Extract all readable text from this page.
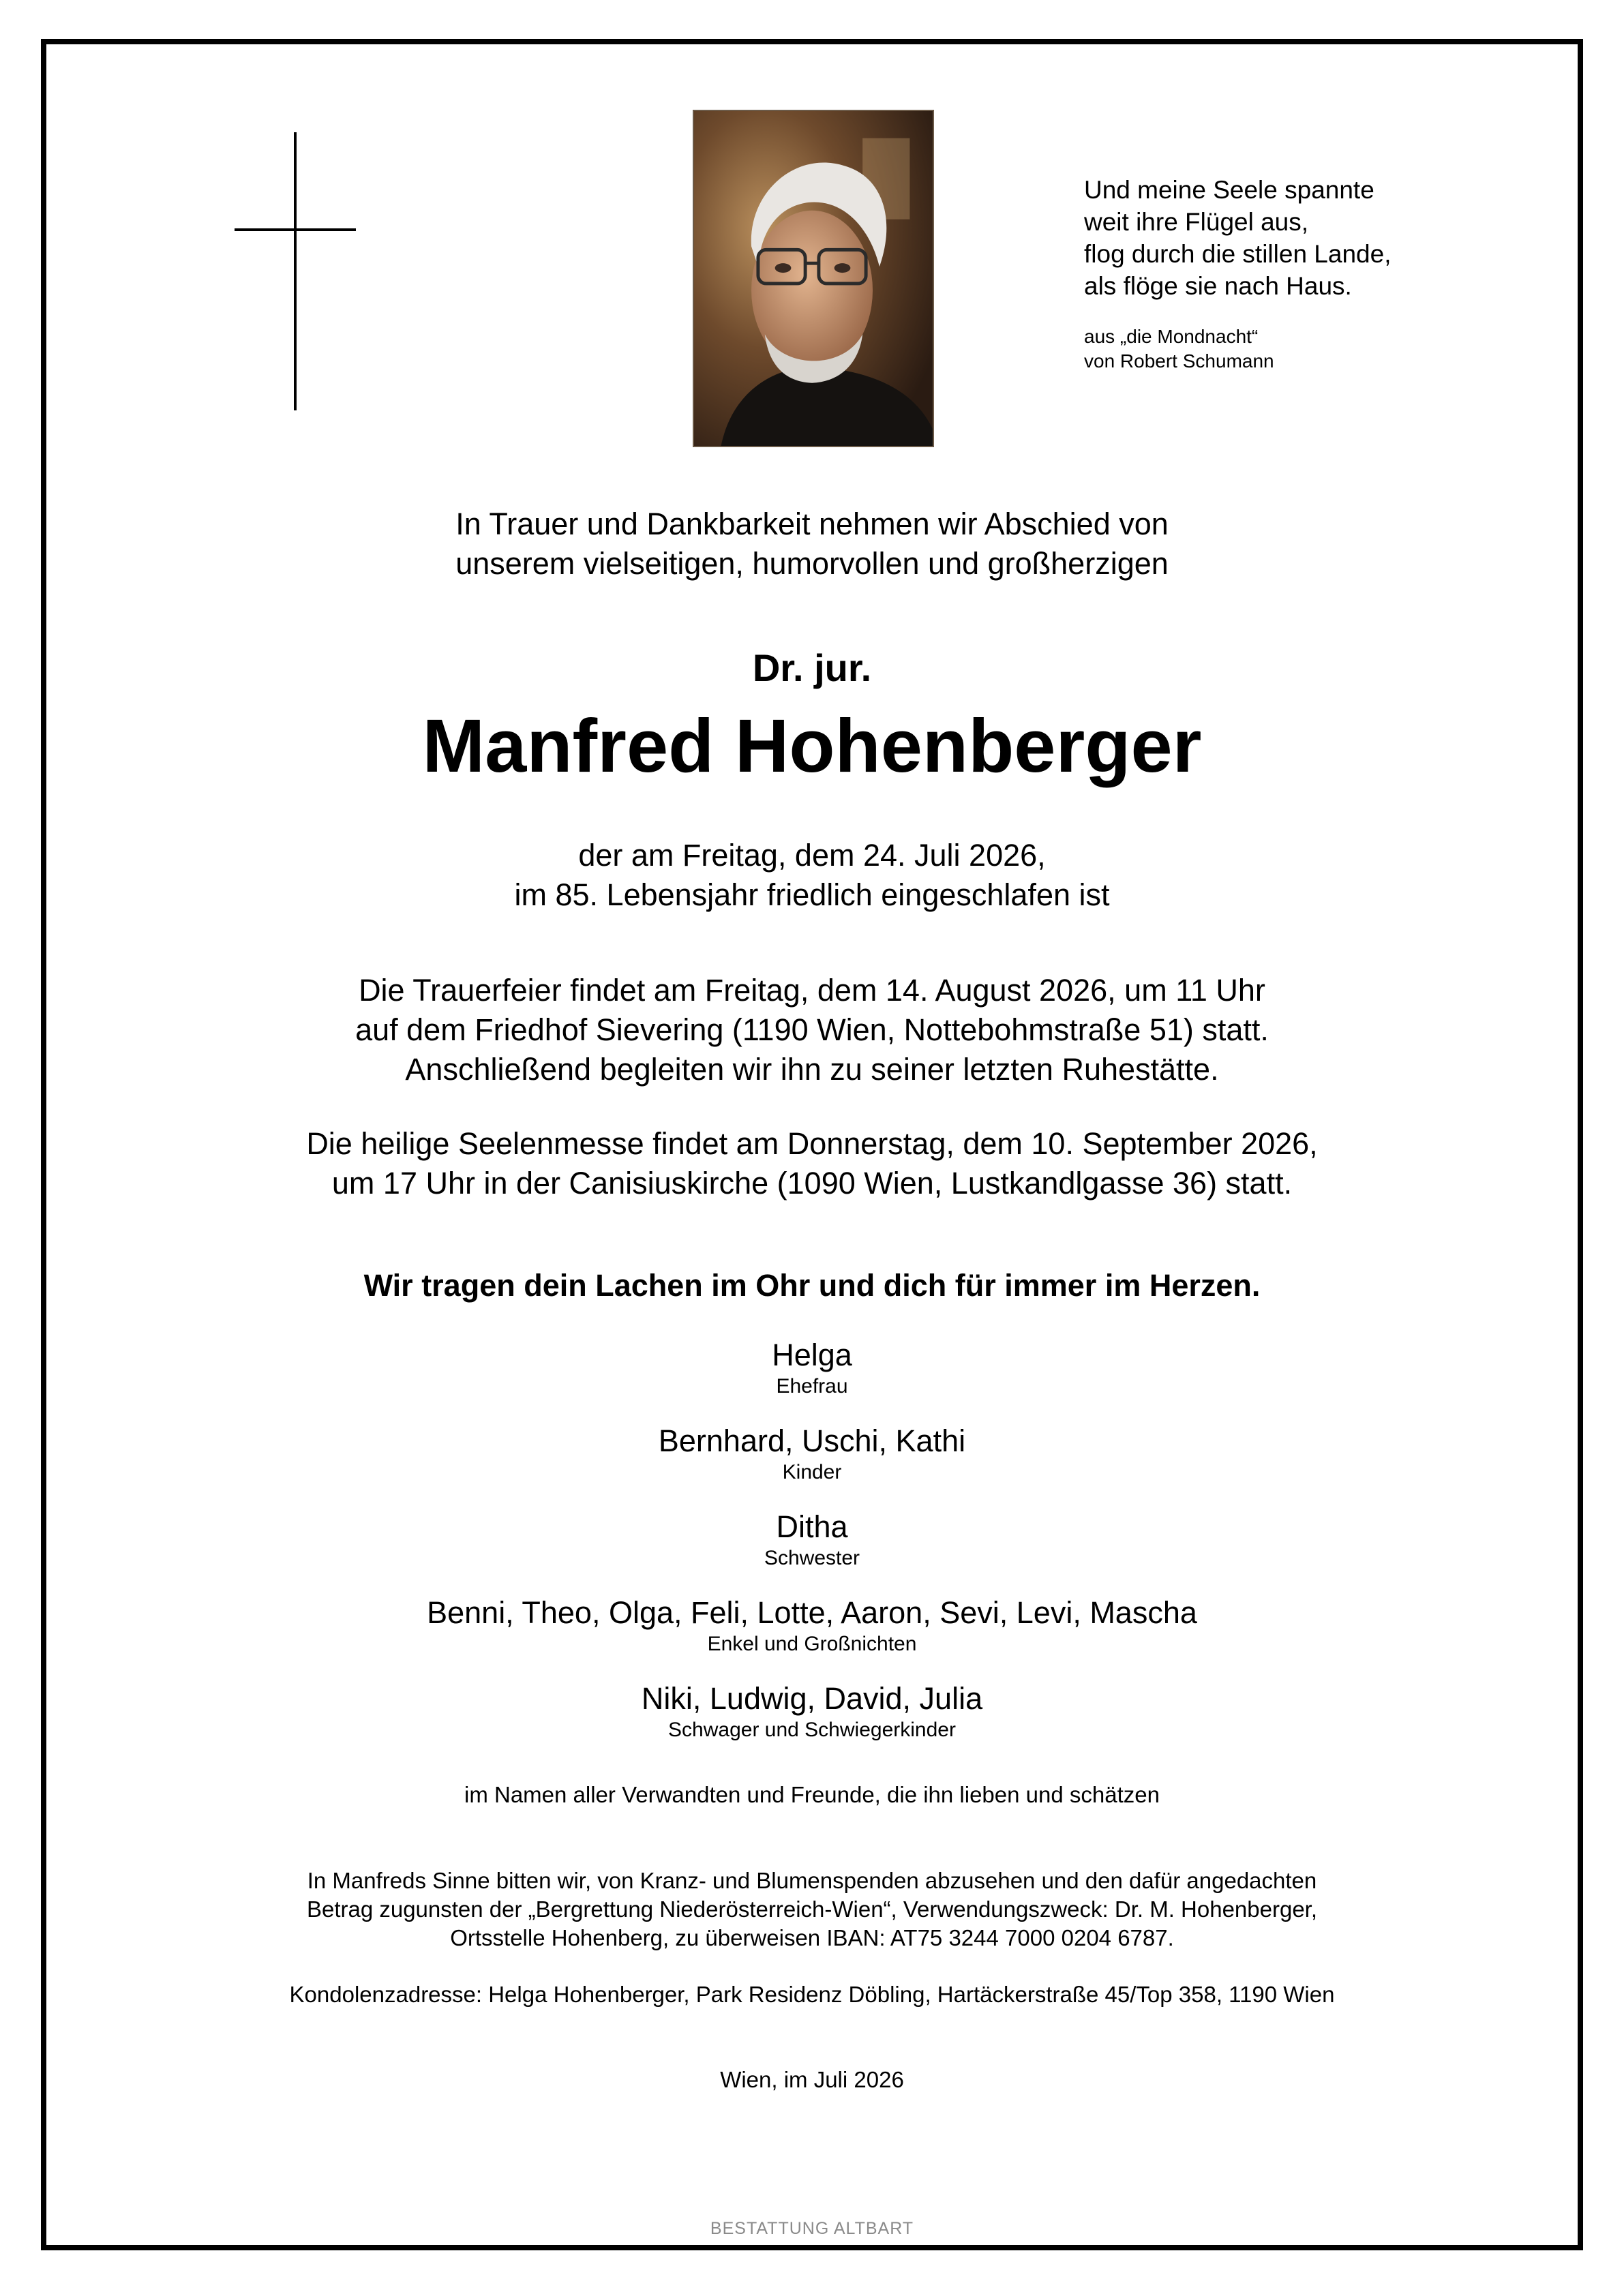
Und meine Seele spannte
weit ihre Flügel aus,
flog durch die stillen Lande,
als flöge sie nach Haus.
aus „die Mondnacht“
von Robert Schumann
In Trauer und Dankbarkeit nehmen wir Abschied von
unserem vielseitigen, humorvollen und großherzigen
Dr. jur.
Manfred Hohenberger
der am Freitag, dem 24. Juli 2026,
im 85. Lebensjahr friedlich eingeschlafen ist
Die Trauerfeier findet am Freitag, dem 14. August 2026, um 11 Uhr
auf dem Friedhof Sievering (1190 Wien, Nottebohmstraße 51) statt.
Anschließend begleiten wir ihn zu seiner letzten Ruhestätte.
Die heilige Seelenmesse findet am Donnerstag, dem 10. September 2026,
um 17 Uhr in der Canisiuskirche (1090 Wien, Lustkandlgasse 36) statt.
Wir tragen dein Lachen im Ohr und dich für immer im Herzen.
Helga
Ehefrau
Bernhard, Uschi, Kathi
Kinder
Ditha
Schwester
Benni, Theo, Olga, Feli, Lotte, Aaron, Sevi, Levi, Mascha
Enkel und Großnichten
Niki, Ludwig, David, Julia
Schwager und Schwiegerkinder
im Namen aller Verwandten und Freunde, die ihn lieben und schätzen
In Manfreds Sinne bitten wir, von Kranz- und Blumenspenden abzusehen und den dafür angedachten
Betrag zugunsten der „Bergrettung Niederösterreich-Wien“, Verwendungszweck: Dr. M. Hohenberger,
Ortsstelle Hohenberg, zu überweisen IBAN: AT75 3244 7000 0204 6787.
Kondolenzadresse: Helga Hohenberger, Park Residenz Döbling, Hartäckerstraße 45/Top 358, 1190 Wien
Wien, im Juli 2026
BESTATTUNG ALTBART
